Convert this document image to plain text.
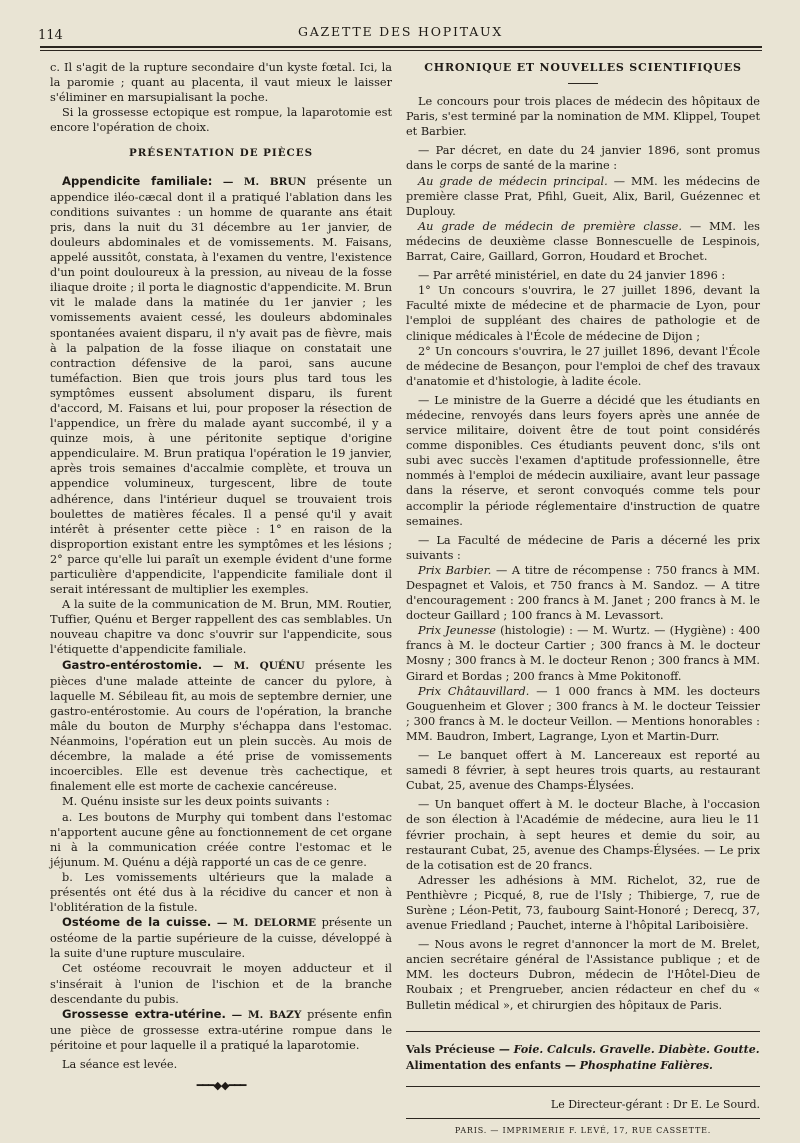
114	GAZETTE DES HOPITAUX

c. Il s'agit de la rupture secondaire d'un kyste fœtal. Ici, la la paromie ; quant au placenta, il vaut mieux le laisser s'éliminer en marsupialisant la poche.

Si la grossesse ectopique est rompue, la laparotomie est encore l'opération de choix.

PRÉSENTATION DE PIÈCES

Appendicite familiale: — M. BRUN présente un appendice iléo-cæcal dont il a pratiqué l'ablation dans les conditions suivantes : un homme de quarante ans était pris, dans la nuit du 31 décembre au 1er janvier, de douleurs abdominales et de vomissements. M. Faisans, appelé aussitôt, constata, à l'examen du ventre, l'existence d'un point douloureux à la pression, au niveau de la fosse iliaque droite ; il porta le diagnostic d'appendicite. M. Brun vit le malade dans la matinée du 1er janvier ; les vomissements avaient cessé, les douleurs abdominales spontanées avaient disparu, il n'y avait pas de fièvre, mais à la palpation de la fosse iliaque on constatait une contraction défensive de la paroi, sans aucune tuméfaction. Bien que trois jours plus tard tous les symptômes eussent absolument disparu, ils furent d'accord, M. Faisans et lui, pour proposer la résection de l'appendice, un frère du malade ayant succombé, il y a quinze mois, à une péritonite septique d'origine appendiculaire. M. Brun pratiqua l'opération le 19 janvier, après trois semaines d'accalmie complète, et trouva un appendice volumineux, turgescent, libre de toute adhérence, dans l'intérieur duquel se trouvaient trois boulettes de matières fécales. Il a pensé qu'il y avait intérêt à présenter cette pièce : 1° en raison de la disproportion existant entre les symptômes et les lésions ; 2° parce qu'elle lui paraît un exemple évident d'une forme particulière d'appendicite, l'appendicite familiale dont il serait intéressant de multiplier les exemples.

A la suite de la communication de M. Brun, MM. Routier, Tuffier, Quénu et Berger rappellent des cas semblables. Un nouveau chapitre va donc s'ouvrir sur l'appendicite, sous l'étiquette d'appendicite familiale.

Gastro-entérostomie. — M. QUÉNU présente les pièces d'une malade atteinte de cancer du pylore, à laquelle M. Sébileau fit, au mois de septembre dernier, une gastro-entérostomie. Au cours de l'opération, la branche mâle du bouton de Murphy s'échappa dans l'estomac. Néanmoins, l'opération eut un plein succès. Au mois de décembre, la malade a été prise de vomissements incoercibles. Elle est devenue très cachectique, et finalement elle est morte de cachexie cancéreuse.

M. Quénu insiste sur les deux points suivants :

a. Les boutons de Murphy qui tombent dans l'estomac n'apportent aucune gêne au fonctionnement de cet organe ni à la communication créée contre l'estomac et le jéjunum. M. Quénu a déjà rapporté un cas de ce genre.

b. Les vomissements ultérieurs que la malade a présentés ont été dus à la récidive du cancer et non à l'oblitération de la fistule.

Ostéome de la cuisse. — M. DELORME présente un ostéome de la partie supérieure de la cuisse, développé à la suite d'une rupture musculaire.

Cet ostéome recouvrait le moyen adducteur et il s'insérait à l'union de l'ischion et de la branche descendante du pubis.

Grossesse extra-utérine. — M. BAZY présente enfin une pièce de grossesse extra-utérine rompue dans le péritoine et pour laquelle il a pratiqué la laparotomie.

La séance est levée.

━━━◆◆━━━
CHRONIQUE ET NOUVELLES SCIENTIFIQUES

Le concours pour trois places de médecin des hôpitaux de Paris, s'est terminé par la nomination de MM. Klippel, Toupet et Barbier.

— Par décret, en date du 24 janvier 1896, sont promus dans le corps de santé de la marine :

Au grade de médecin principal. — MM. les médecins de première classe Prat, Pfihl, Gueit, Alix, Baril, Guézennec et Duplouy.

Au grade de médecin de première classe. — MM. les médecins de deuxième classe Bonnescuelle de Lespinois, Barrat, Caire, Gaillard, Gorron, Houdard et Brochet.

— Par arrêté ministériel, en date du 24 janvier 1896 :

1° Un concours s'ouvrira, le 27 juillet 1896, devant la Faculté mixte de médecine et de pharmacie de Lyon, pour l'emploi de suppléant des chaires de pathologie et de clinique médicales à l'École de médecine de Dijon ;

2° Un concours s'ouvrira, le 27 juillet 1896, devant l'École de médecine de Besançon, pour l'emploi de chef des travaux d'anatomie et d'histologie, à ladite école.

— Le ministre de la Guerre a décidé que les étudiants en médecine, renvoyés dans leurs foyers après une année de service militaire, doivent être de tout point considérés comme disponibles. Ces étudiants peuvent donc, s'ils ont subi avec succès l'examen d'aptitude professionnelle, être nommés à l'emploi de médecin auxiliaire, avant leur passage dans la réserve, et seront convoqués comme tels pour accomplir la période réglementaire d'instruction de quatre semaines.

— La Faculté de médecine de Paris a décerné les prix suivants :

Prix Barbier. — A titre de récompense : 750 francs à MM. Despagnet et Valois, et 750 francs à M. Sandoz. — A titre d'encouragement : 200 francs à M. Janet ; 200 francs à M. le docteur Gaillard ; 100 francs à M. Levassort.

Prix Jeunesse (histologie) : — M. Wurtz. — (Hygiène) : 400 francs à M. le docteur Cartier ; 300 francs à M. le docteur Mosny ; 300 francs à M. le docteur Renon ; 300 francs à MM. Girard et Bordas ; 200 francs à Mme Pokitonoff.

Prix Châtauvillard. — 1 000 francs à MM. les docteurs Gouguenheim et Glover ; 300 francs à M. le docteur Teissier ; 300 francs à M. le docteur Veillon. — Mentions honorables : MM. Baudron, Imbert, Lagrange, Lyon et Martin-Durr.

— Le banquet offert à M. Lancereaux est reporté au samedi 8 février, à sept heures trois quarts, au restaurant Cubat, 25, avenue des Champs-Élysées.

— Un banquet offert à M. le docteur Blache, à l'occasion de son élection à l'Académie de médecine, aura lieu le 11 février prochain, à sept heures et demie du soir, au restaurant Cubat, 25, avenue des Champs-Élysées. — Le prix de la cotisation est de 20 francs.

Adresser les adhésions à MM. Richelot, 32, rue de Penthièvre ; Picqué, 8, rue de l'Isly ; Thibierge, 7, rue de Surène ; Léon-Petit, 73, faubourg Saint-Honoré ; Derecq, 37, avenue Friedland ; Pauchet, interne à l'hôpital Lariboisière.

— Nous avons le regret d'annoncer la mort de M. Brelet, ancien secrétaire général de l'Assistance publique ; et de MM. les docteurs Dubron, médecin de l'Hôtel-Dieu de Roubaix ; et Prengrueber, ancien rédacteur en chef du « Bulletin médical », et chirurgien des hôpitaux de Paris.

Vals Précieuse — Foie. Calculs. Gravelle. Diabète. Goutte.
Alimentation des enfants — Phosphatine Falières.
Le Directeur-gérant : Dr E. Le Sourd.
PARIS. — IMPRIMERIE F. LEVÉ, 17, RUE CASSETTE.
